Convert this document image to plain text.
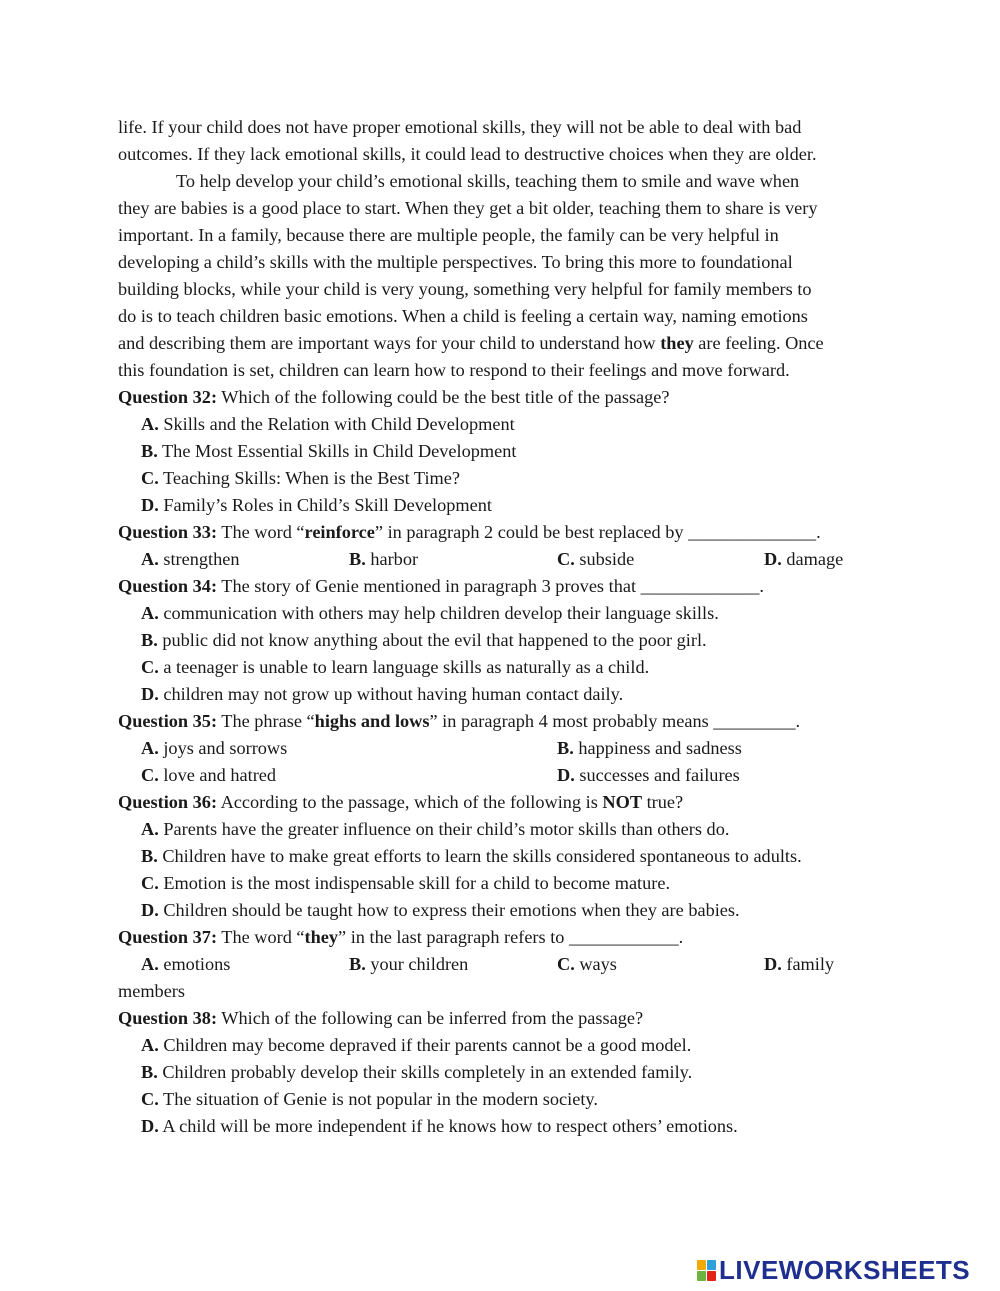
life. If your child does not have proper emotional skills, they will not be able to deal with bad
outcomes. If they lack emotional skills, it could lead to destructive choices when they are older.
To help develop your child’s emotional skills, teaching them to smile and wave when
they are babies is a good place to start. When they get a bit older, teaching them to share is very
important. In a family, because there are multiple people, the family can be very helpful in
developing a child’s skills with the multiple perspectives. To bring this more to foundational
building blocks, while your child is very young, something very helpful for family members to
do is to teach children basic emotions. When a child is feeling a certain way, naming emotions
and describing them are important ways for your child to understand how they are feeling. Once
this foundation is set, children can learn how to respond to their feelings and move forward.
Question 32: Which of the following could be the best title of the passage?
A. Skills and the Relation with Child Development
B. The Most Essential Skills in Child Development
C. Teaching Skills: When is the Best Time?
D. Family’s Roles in Child’s Skill Development
Question 33: The word “reinforce” in paragraph 2 could be best replaced by ______________.
A. strengthen	B. harbor	C. subside	D. damage
Question 34: The story of Genie mentioned in paragraph 3 proves that _____________.
A. communication with others may help children develop their language skills.
B. public did not know anything about the evil that happened to the poor girl.
C. a teenager is unable to learn language skills as naturally as a child.
D. children may not grow up without having human contact daily.
Question 35: The phrase “highs and lows” in paragraph 4 most probably means _________.
A. joys and sorrows	B. happiness and sadness
C. love and hatred	D. successes and failures
Question 36: According to the passage, which of the following is NOT true?
A. Parents have the greater influence on their child’s motor skills than others do.
B. Children have to make great efforts to learn the skills considered spontaneous to adults.
C. Emotion is the most indispensable skill for a child to become mature.
D. Children should be taught how to express their emotions when they are babies.
Question 37: The word “they” in the last paragraph refers to ____________.
A. emotions	B. your children	C. ways	D. family
members
Question 38: Which of the following can be inferred from the passage?
A. Children may become depraved if their parents cannot be a good model.
B. Children probably develop their skills completely in an extended family.
C. The situation of Genie is not popular in the modern society.
D. A child will be more independent if he knows how to respect others’ emotions.
LIVEWORKSHEETS
